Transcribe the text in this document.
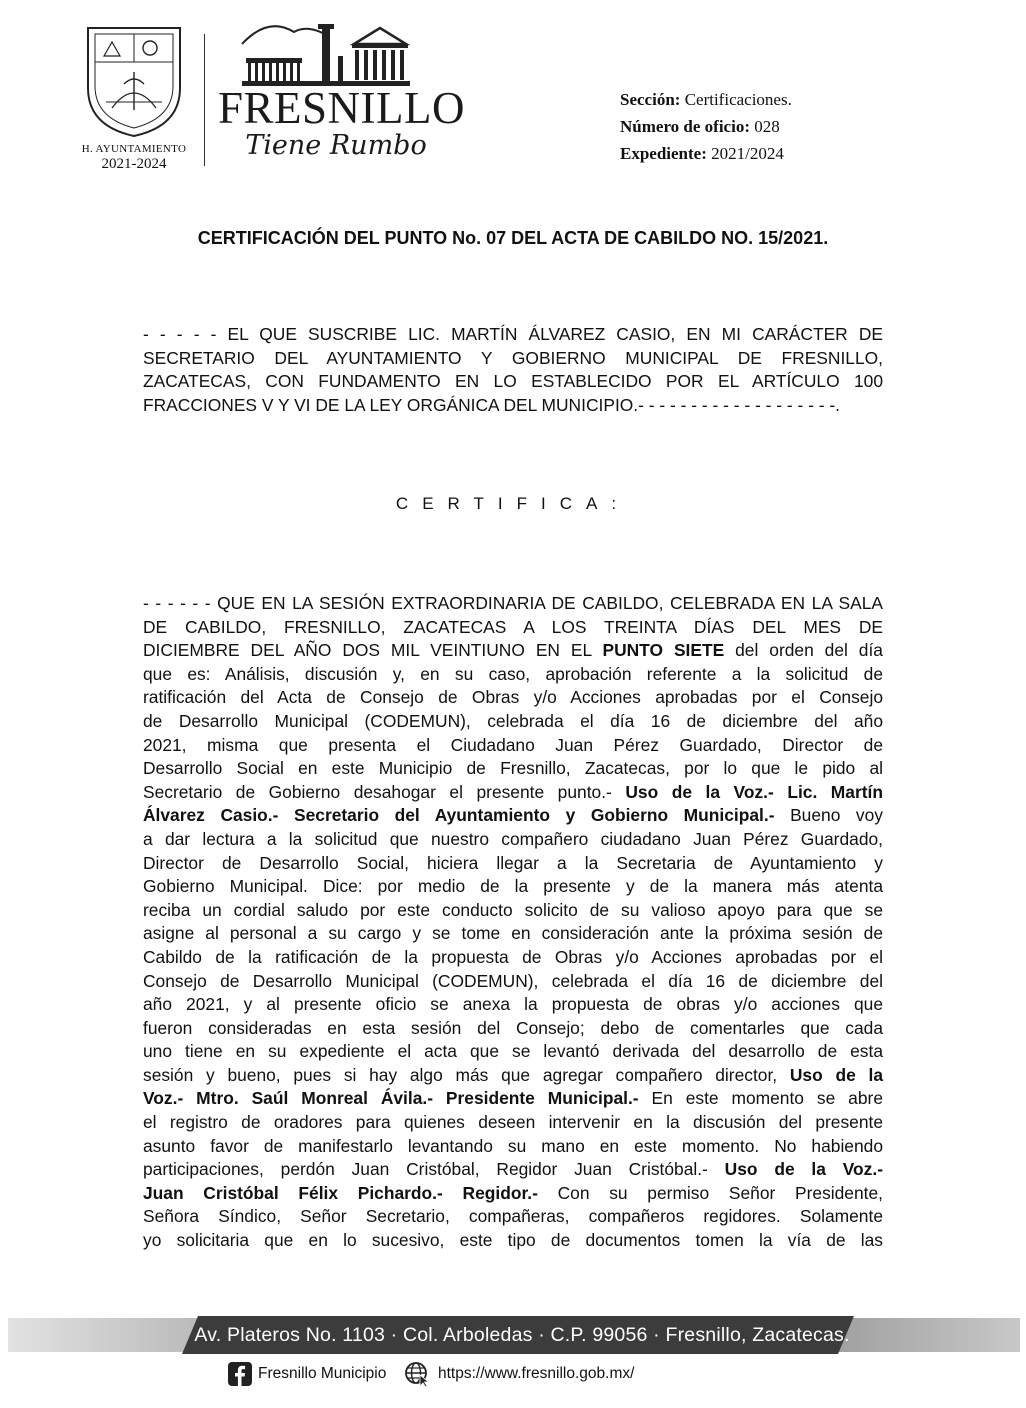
H. AYUNTAMIENTO
2021-2024
FRESNILLO
Tiene Rumbo
Sección: Certificaciones.
Número de oficio: 028
Expediente: 2021/2024
CERTIFICACIÓN DEL PUNTO No. 07 DEL ACTA DE CABILDO NO. 15/2021.
- - - - - EL QUE SUSCRIBE LIC. MARTÍN ÁLVAREZ CASIO, EN MI CARÁCTER DE
SECRETARIO DEL AYUNTAMIENTO Y GOBIERNO MUNICIPAL DE FRESNILLO,
ZACATECAS, CON FUNDAMENTO EN LO ESTABLECIDO POR EL ARTÍCULO 100
FRACCIONES V Y VI DE LA LEY ORGÁNICA DEL MUNICIPIO.- - - - - - - - - - - - - - - - - - -.
CERTIFICA:
- - - - - - QUE EN LA SESIÓN EXTRAORDINARIA DE CABILDO, CELEBRADA EN LA SALA
DE CABILDO, FRESNILLO, ZACATECAS A LOS TREINTA DÍAS DEL MES DE
DICIEMBRE DEL AÑO DOS MIL VEINTIUNO EN EL PUNTO SIETE del orden del día
que es: Análisis, discusión y, en su caso, aprobación referente a la solicitud de
ratificación del Acta de Consejo de Obras y/o Acciones aprobadas por el Consejo
de Desarrollo Municipal (CODEMUN), celebrada el día 16 de diciembre del año
2021, misma que presenta el Ciudadano Juan Pérez Guardado, Director de
Desarrollo Social en este Municipio de Fresnillo, Zacatecas, por lo que le pido al
Secretario de Gobierno desahogar el presente punto.- Uso de la Voz.- Lic. Martín
Álvarez Casio.- Secretario del Ayuntamiento y Gobierno Municipal.- Bueno voy
a dar lectura a la solicitud que nuestro compañero ciudadano Juan Pérez Guardado,
Director de Desarrollo Social, hiciera llegar a la Secretaria de Ayuntamiento y
Gobierno Municipal. Dice: por medio de la presente y de la manera más atenta
reciba un cordial saludo por este conducto solicito de su valioso apoyo para que se
asigne al personal a su cargo y se tome en consideración ante la próxima sesión de
Cabildo de la ratificación de la propuesta de Obras y/o Acciones aprobadas por el
Consejo de Desarrollo Municipal (CODEMUN), celebrada el día 16 de diciembre del
año 2021, y al presente oficio se anexa la propuesta de obras y/o acciones que
fueron consideradas en esta sesión del Consejo; debo de comentarles que cada
uno tiene en su expediente el acta que se levantó derivada del desarrollo de esta
sesión y bueno, pues si hay algo más que agregar compañero director, Uso de la
Voz.- Mtro. Saúl Monreal Ávila.- Presidente Municipal.- En este momento se abre
el registro de oradores para quienes deseen intervenir en la discusión del presente
asunto favor de manifestarlo levantando su mano en este momento. No habiendo
participaciones, perdón Juan Cristóbal, Regidor Juan Cristóbal.- Uso de la Voz.-
Juan Cristóbal Félix Pichardo.- Regidor.- Con su permiso Señor Presidente,
Señora Síndico, Señor Secretario, compañeras, compañeros regidores. Solamente
yo solicitaria que en lo sucesivo, este tipo de documentos tomen la vía de las
Av. Plateros No. 1103 · Col. Arboledas · C.P. 99056 · Fresnillo, Zacatecas.
Fresnillo Municipio	https://www.fresnillo.gob.mx/
